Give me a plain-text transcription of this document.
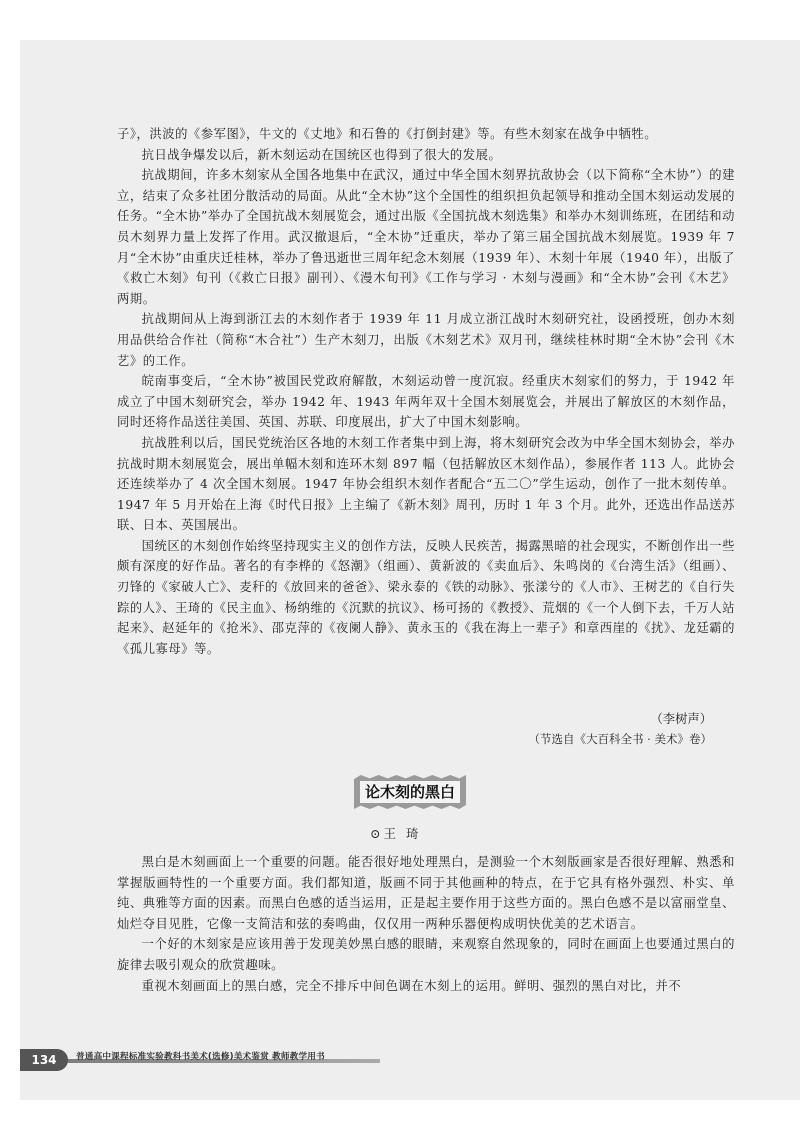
子》，洪波的《参军图》，牛文的《丈地》和石鲁的《打倒封建》等。有些木刻家在战争中牺牲。

抗日战争爆发以后，新木刻运动在国统区也得到了很大的发展。

抗战期间，许多木刻家从全国各地集中在武汉，通过中华全国木刻界抗敌协会（以下简称“全木协”）的建立，结束了众多社团分散活动的局面。从此“全木协”这个全国性的组织担负起领导和推动全国木刻运动发展的任务。“全木协”举办了全国抗战木刻展览会，通过出版《全国抗战木刻选集》和举办木刻训练班，在团结和动员木刻界力量上发挥了作用。武汉撤退后，“全木协”迁重庆，举办了第三届全国抗战木刻展览。1939 年 7 月“全木协”由重庆迁桂林，举办了鲁迅逝世三周年纪念木刻展（1939 年）、木刻十年展（1940 年），出版了《救亡木刻》旬刊（《救亡日报》副刊）、《漫木旬刊》《工作与学习 · 木刻与漫画》和“全木协”会刊《木艺》两期。

抗战期间从上海到浙江去的木刻作者于 1939 年 11 月成立浙江战时木刻研究社，设函授班，创办木刻用品供给合作社（简称“木合社”）生产木刻刀，出版《木刻艺术》双月刊，继续桂林时期“全木协”会刊《木艺》的工作。

皖南事变后，“全木协”被国民党政府解散，木刻运动曾一度沉寂。经重庆木刻家们的努力，于 1942 年成立了中国木刻研究会，举办 1942 年、1943 年两年双十全国木刻展览会，并展出了解放区的木刻作品，同时还将作品送往美国、英国、苏联、印度展出，扩大了中国木刻影响。

抗战胜利以后，国民党统治区各地的木刻工作者集中到上海，将木刻研究会改为中华全国木刻协会，举办抗战时期木刻展览会，展出单幅木刻和连环木刻 897 幅（包括解放区木刻作品），参展作者 113 人。此协会还连续举办了 4 次全国木刻展。1947 年协会组织木刻作者配合“五二〇”学生运动，创作了一批木刻传单。1947 年 5 月开始在上海《时代日报》上主编了《新木刻》周刊，历时 1 年 3 个月。此外，还选出作品送苏联、日本、英国展出。

国统区的木刻创作始终坚持现实主义的创作方法，反映人民疾苦，揭露黑暗的社会现实，不断创作出一些颇有深度的好作品。著名的有李桦的《怒潮》（组画）、黄新波的《卖血后》、朱鸣岗的《台湾生活》（组画）、刃锋的《家破人亡》、麦秆的《放回来的爸爸》、梁永泰的《铁的动脉》、张漾兮的《人市》、王树艺的《自行失踪的人》、王琦的《民主血》、杨纳维的《沉默的抗议》、杨可扬的《教授》、荒烟的《一个人倒下去，千万人站起来》、赵延年的《抢米》、邵克萍的《夜阑人静》、黄永玉的《我在海上一辈子》和章西崖的《扰》、龙廷霸的《孤儿寡母》等。

（李树声）
（节选自《大百科全书 · 美术》卷）
论木刻的黑白
⊙王 琦

黑白是木刻画面上一个重要的问题。能否很好地处理黑白，是测验一个木刻版画家是否很好理解、熟悉和掌握版画特性的一个重要方面。我们都知道，版画不同于其他画种的特点，在于它具有格外强烈、朴实、单纯、典雅等方面的因素。而黑白色感的适当运用，正是起主要作用于这些方面的。黑白色感不是以富丽堂皇、灿烂夺目见胜，它像一支简洁和弦的奏鸣曲，仅仅用一两种乐器便构成明快优美的艺术语言。

一个好的木刻家是应该用善于发现美妙黑白感的眼睛，来观察自然现象的，同时在画面上也要通过黑白的旋律去吸引观众的欣赏趣味。

重视木刻画面上的黑白感，完全不排斥中间色调在木刻上的运用。鲜明、强烈的黑白对比，并不

134	普通高中课程标准实验教科书美术(选修)美术鉴赏 教师教学用书
